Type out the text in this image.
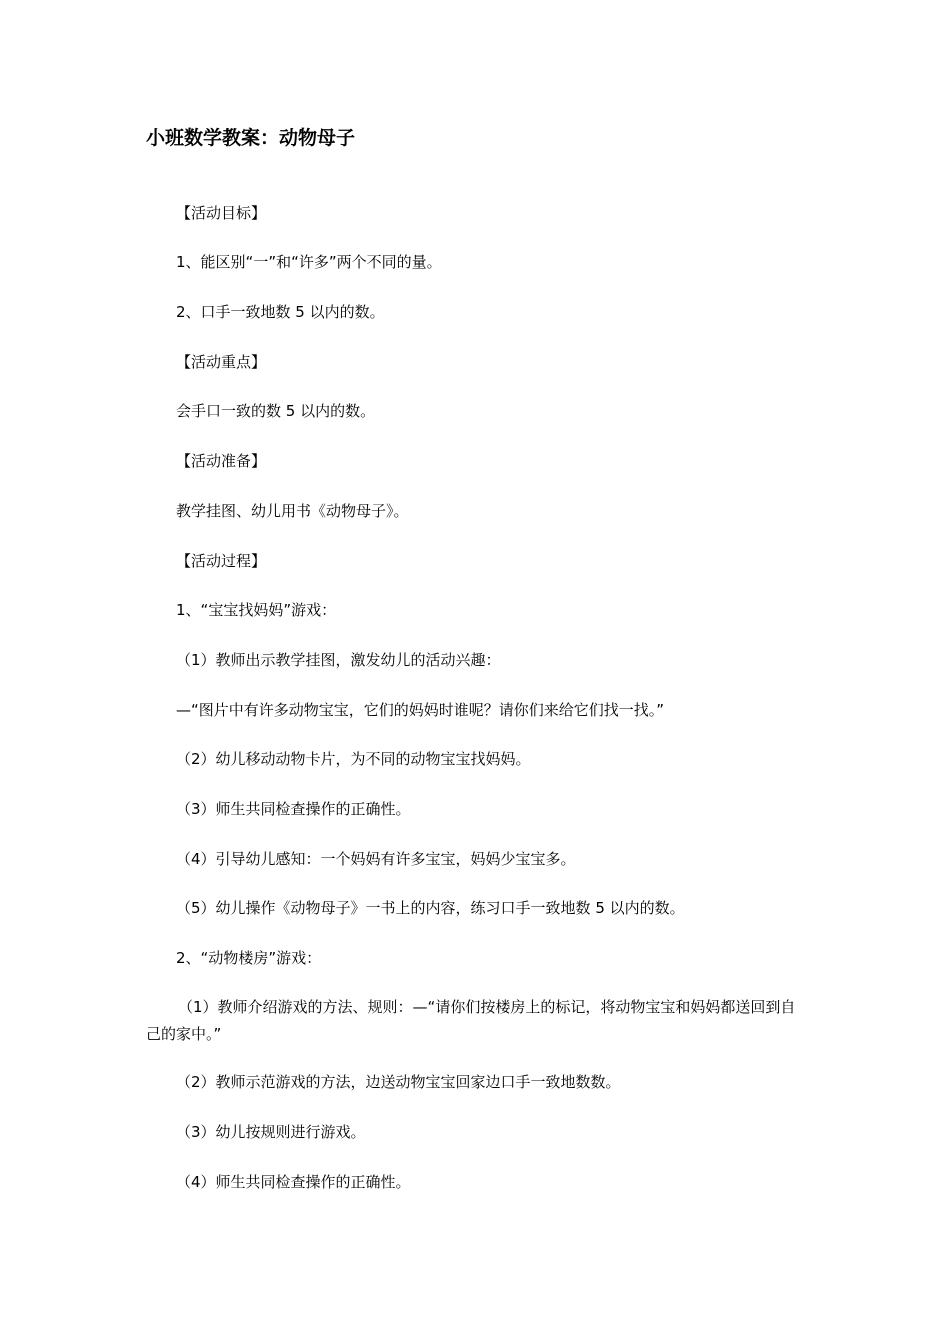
小班数学教案：动物母子
【活动目标】
1、能区别“一”和“许多”两个不同的量。
2、口手一致地数 5 以内的数。
【活动重点】
会手口一致的数 5 以内的数。
【活动准备】
教学挂图、幼儿用书《动物母子》。
【活动过程】
1、“宝宝找妈妈”游戏：
（1）教师出示教学挂图，激发幼儿的活动兴趣：
—“图片中有许多动物宝宝，它们的妈妈时谁呢？请你们来给它们找一找。”
（2）幼儿移动动物卡片，为不同的动物宝宝找妈妈。
（3）师生共同检查操作的正确性。
（4）引导幼儿感知：一个妈妈有许多宝宝，妈妈少宝宝多。
（5）幼儿操作《动物母子》一书上的内容，练习口手一致地数 5 以内的数。
2、“动物楼房”游戏：
（1）教师介绍游戏的方法、规则：—“请你们按楼房上的标记，将动物宝宝和妈妈都送回到自己的家中。”
（2）教师示范游戏的方法，边送动物宝宝回家边口手一致地数数。
（3）幼儿按规则进行游戏。
（4）师生共同检查操作的正确性。
